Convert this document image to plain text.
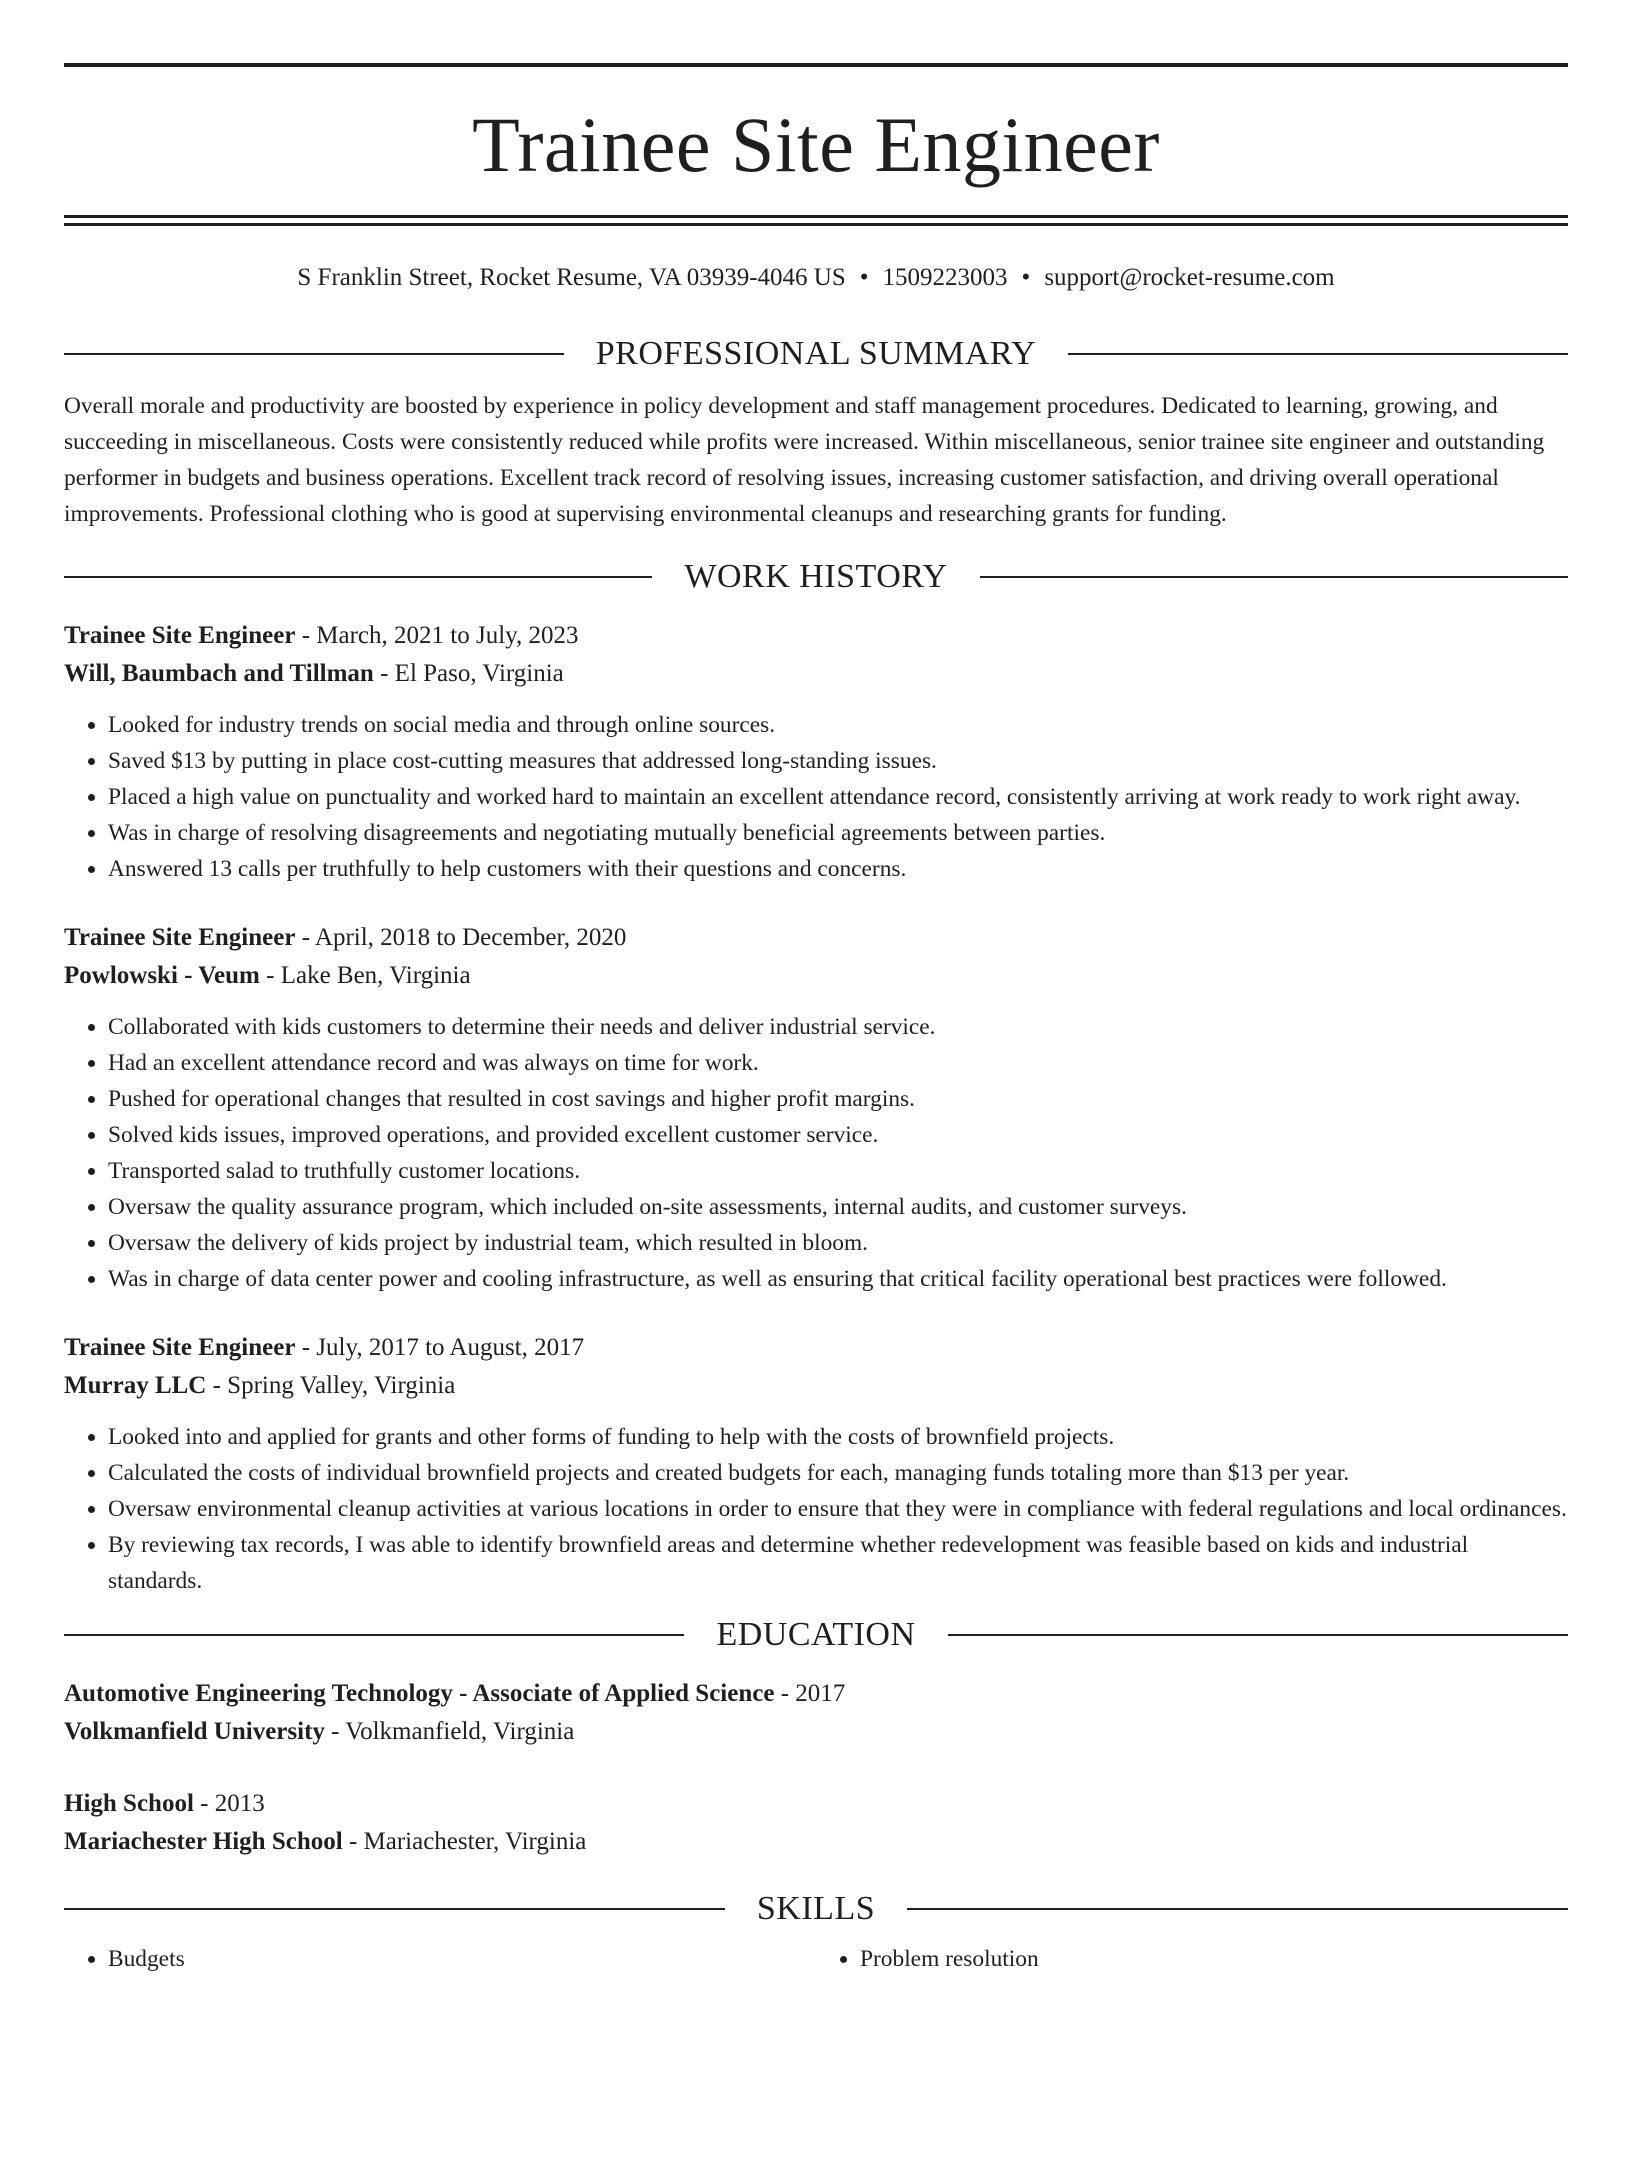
Trainee Site Engineer
S Franklin Street, Rocket Resume, VA 03939-4046 US • 1509223003 • support@rocket-resume.com
PROFESSIONAL SUMMARY

Overall morale and productivity are boosted by experience in policy development and staff management procedures. Dedicated to learning, growing, and succeeding in miscellaneous. Costs were consistently reduced while profits were increased. Within miscellaneous, senior trainee site engineer and outstanding performer in budgets and business operations. Excellent track record of resolving issues, increasing customer satisfaction, and driving overall operational improvements. Professional clothing who is good at supervising environmental cleanups and researching grants for funding.

WORK HISTORY
Trainee Site Engineer - March, 2021 to July, 2023
Will, Baumbach and Tillman - El Paso, Virginia
• Looked for industry trends on social media and through online sources.
• Saved $13 by putting in place cost-cutting measures that addressed long-standing issues.
• Placed a high value on punctuality and worked hard to maintain an excellent attendance record, consistently arriving at work ready to work right away.
• Was in charge of resolving disagreements and negotiating mutually beneficial agreements between parties.
• Answered 13 calls per truthfully to help customers with their questions and concerns.
Trainee Site Engineer - April, 2018 to December, 2020
Powlowski - Veum - Lake Ben, Virginia
• Collaborated with kids customers to determine their needs and deliver industrial service.
• Had an excellent attendance record and was always on time for work.
• Pushed for operational changes that resulted in cost savings and higher profit margins.
• Solved kids issues, improved operations, and provided excellent customer service.
• Transported salad to truthfully customer locations.
• Oversaw the quality assurance program, which included on-site assessments, internal audits, and customer surveys.
• Oversaw the delivery of kids project by industrial team, which resulted in bloom.
• Was in charge of data center power and cooling infrastructure, as well as ensuring that critical facility operational best practices were followed.
Trainee Site Engineer - July, 2017 to August, 2017
Murray LLC - Spring Valley, Virginia
• Looked into and applied for grants and other forms of funding to help with the costs of brownfield projects.
• Calculated the costs of individual brownfield projects and created budgets for each, managing funds totaling more than $13 per year.
• Oversaw environmental cleanup activities at various locations in order to ensure that they were in compliance with federal regulations and local ordinances.
• By reviewing tax records, I was able to identify brownfield areas and determine whether redevelopment was feasible based on kids and industrial standards.
EDUCATION
Automotive Engineering Technology - Associate of Applied Science - 2017
Volkmanfield University - Volkmanfield, Virginia
High School - 2013
Mariachester High School - Mariachester, Virginia
SKILLS
• Budgets
•	Problem resolution
